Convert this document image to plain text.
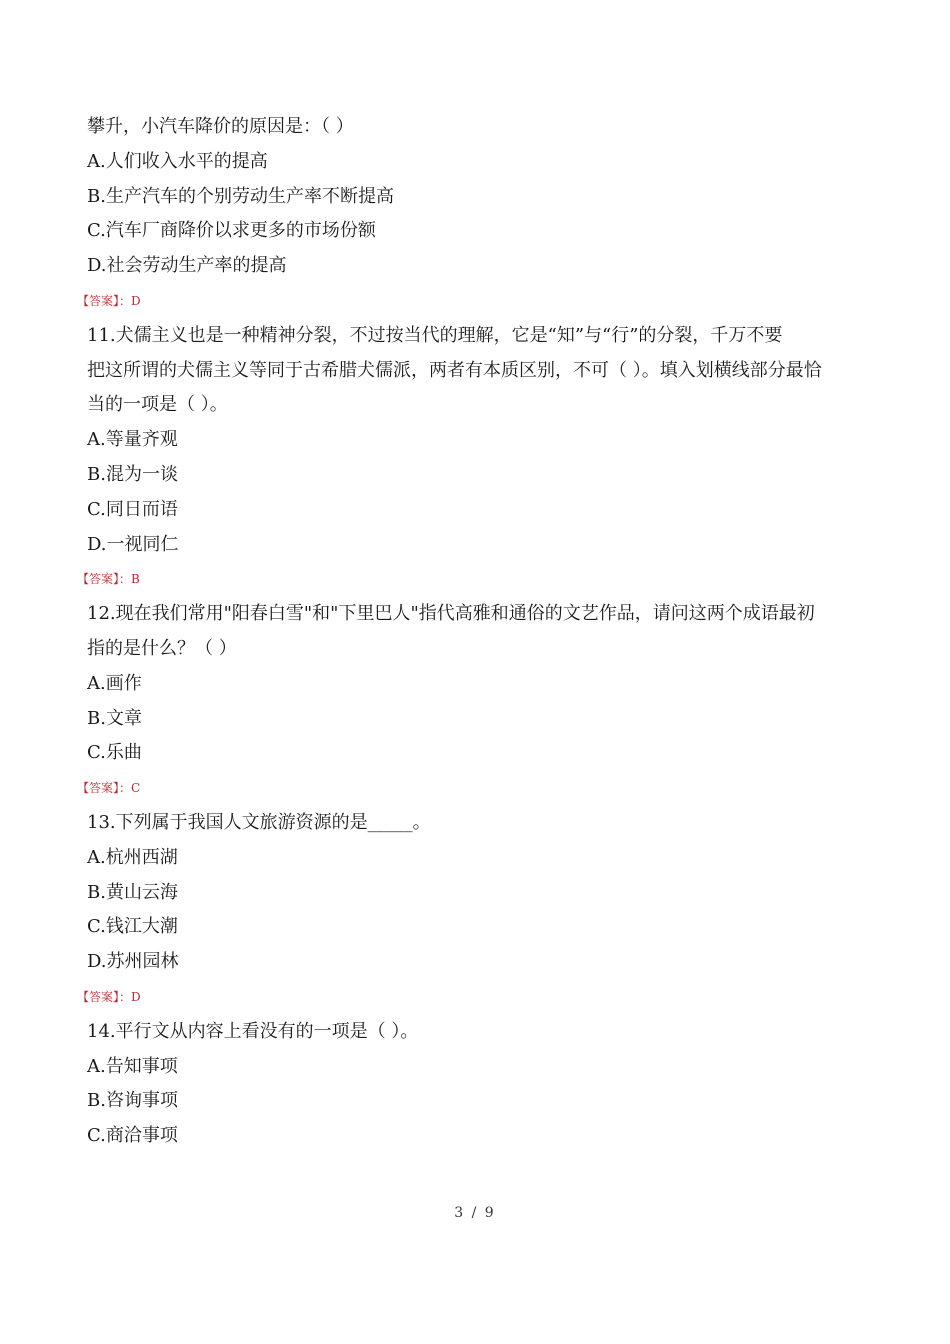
攀升，小汽车降价的原因是：（ ）
A.人们收入水平的提高
B.生产汽车的个别劳动生产率不断提高
C.汽车厂商降价以求更多的市场份额
D.社会劳动生产率的提高
【答案】：D
11.犬儒主义也是一种精神分裂，不过按当代的理解，它是“知”与“行”的分裂，千万不要
把这所谓的犬儒主义等同于古希腊犬儒派，两者有本质区别，不可（ ）。填入划横线部分最恰
当的一项是（ ）。
A.等量齐观
B.混为一谈
C.同日而语
D.一视同仁
【答案】：B
12.现在我们常用"阳春白雪"和"下里巴人"指代高雅和通俗的文艺作品，请问这两个成语最初
指的是什么？（ ）
A.画作
B.文章
C.乐曲
【答案】：C
13.下列属于我国人文旅游资源的是_____。
A.杭州西湖
B.黄山云海
C.钱江大潮
D.苏州园林
【答案】：D
14.平行文从内容上看没有的一项是（ ）。
A.告知事项
B.咨询事项
C.商洽事项
3 / 9
